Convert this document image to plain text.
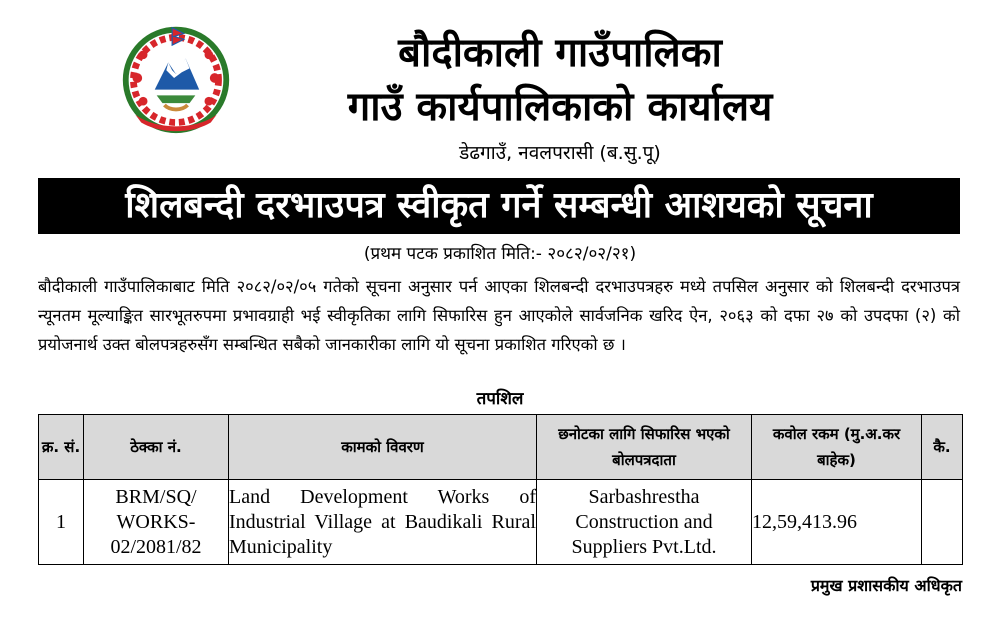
बौदीकाली गाउँपालिका
गाउँ कार्यपालिकाको कार्यालय
डेढगाउँ, नवलपरासी (ब.सु.पू)
शिलबन्दी दरभाउपत्र स्वीकृत गर्ने सम्बन्धी आशयको सूचना
(प्रथम पटक प्रकाशित मिति:- २०८२/०२/२१)
बौदीकाली गाउँपालिकाबाट मिति २०८२/०२/०५ गतेको सूचना अनुसार पर्न आएका शिलबन्दी दरभाउपत्रहरु मध्ये तपसिल अनुसार को शिलबन्दी दरभाउपत्र न्यूनतम मूल्याङ्कित सारभूतरुपमा प्रभावग्राही भई स्वीकृतिका लागि सिफारिस हुन आएकोले सार्वजनिक खरिद ऐन, २०६३ को दफा २७ को उपदफा (२) को प्रयोजनार्थ उक्त बोलपत्रहरुसँग सम्बन्धित सबैको जानकारीका लागि यो सूचना प्रकाशित गरिएको छ ।
तपशिल
क्र. सं.	ठेक्का नं.	कामको विवरण	छनोटका लागि सिफारिस भएको बोलपत्रदाता	कवोल रकम (मु.अ.कर बाहेक)	कै.
1	BRM/SQ/ WORKS- 02/2081/82	Land Development Works of Industrial Village at Baudikali Rural Municipality	Sarbashrestha Construction and Suppliers Pvt.Ltd.	12,59,413.96	
प्रमुख प्रशासकीय अधिकृत
